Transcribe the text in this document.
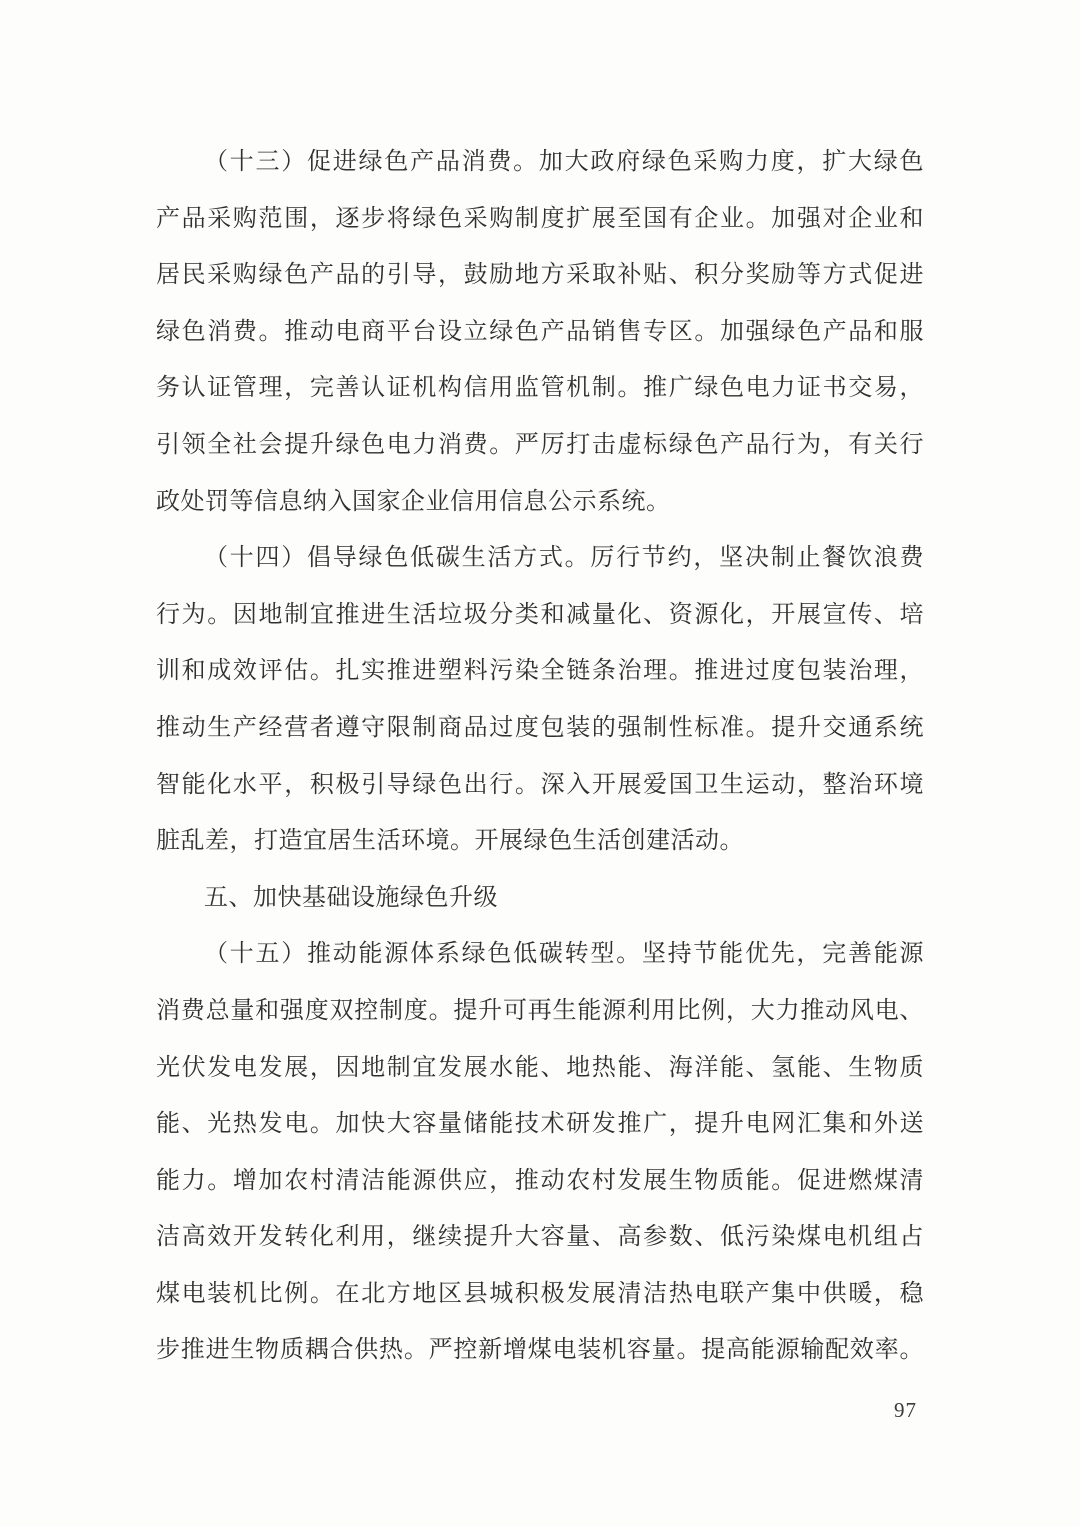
（十三）促进绿色产品消费。加大政府绿色采购力度，扩大绿色
产品采购范围，逐步将绿色采购制度扩展至国有企业。加强对企业和
居民采购绿色产品的引导，鼓励地方采取补贴、积分奖励等方式促进
绿色消费。推动电商平台设立绿色产品销售专区。加强绿色产品和服
务认证管理，完善认证机构信用监管机制。推广绿色电力证书交易，
引领全社会提升绿色电力消费。严厉打击虚标绿色产品行为，有关行
政处罚等信息纳入国家企业信用信息公示系统。
（十四）倡导绿色低碳生活方式。厉行节约，坚决制止餐饮浪费
行为。因地制宜推进生活垃圾分类和减量化、资源化，开展宣传、培
训和成效评估。扎实推进塑料污染全链条治理。推进过度包装治理，
推动生产经营者遵守限制商品过度包装的强制性标准。提升交通系统
智能化水平，积极引导绿色出行。深入开展爱国卫生运动，整治环境
脏乱差，打造宜居生活环境。开展绿色生活创建活动。
五、加快基础设施绿色升级
（十五）推动能源体系绿色低碳转型。坚持节能优先，完善能源
消费总量和强度双控制度。提升可再生能源利用比例，大力推动风电、
光伏发电发展，因地制宜发展水能、地热能、海洋能、氢能、生物质
能、光热发电。加快大容量储能技术研发推广，提升电网汇集和外送
能力。增加农村清洁能源供应，推动农村发展生物质能。促进燃煤清
洁高效开发转化利用，继续提升大容量、高参数、低污染煤电机组占
煤电装机比例。在北方地区县城积极发展清洁热电联产集中供暖，稳
步推进生物质耦合供热。严控新增煤电装机容量。提高能源输配效率。
97
